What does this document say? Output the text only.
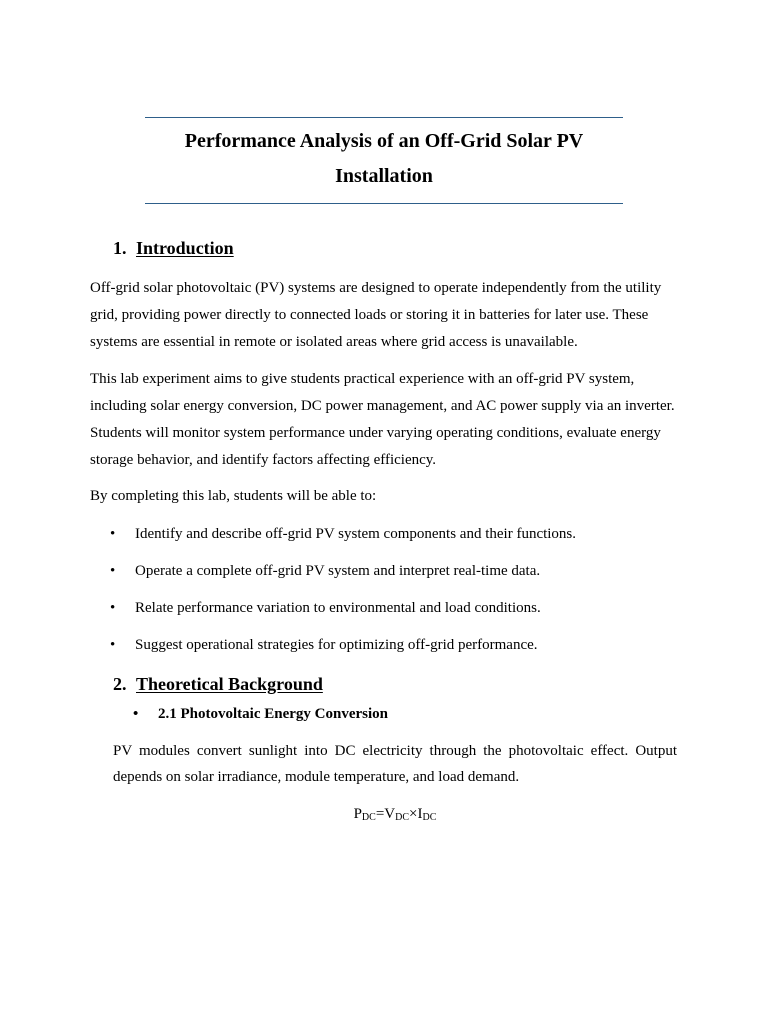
Performance Analysis of an Off-Grid Solar PV Installation
1. Introduction

Off-grid solar photovoltaic (PV) systems are designed to operate independently from the utility grid, providing power directly to connected loads or storing it in batteries for later use. These systems are essential in remote or isolated areas where grid access is unavailable.

This lab experiment aims to give students practical experience with an off-grid PV system, including solar energy conversion, DC power management, and AC power supply via an inverter. Students will monitor system performance under varying operating conditions, evaluate energy storage behavior, and identify factors affecting efficiency.

By completing this lab, students will be able to:

•	Identify and describe off-grid PV system components and their functions.
•	Operate a complete off-grid PV system and interpret real-time data.
•	Relate performance variation to environmental and load conditions.
•	Suggest operational strategies for optimizing off-grid performance.
2. Theoretical Background
• 2.1 Photovoltaic Energy Conversion

PV modules convert sunlight into DC electricity through the photovoltaic effect. Output depends on solar irradiance, module temperature, and load demand.

$P_{DC}=V_{DC}\times I_{DC}$
